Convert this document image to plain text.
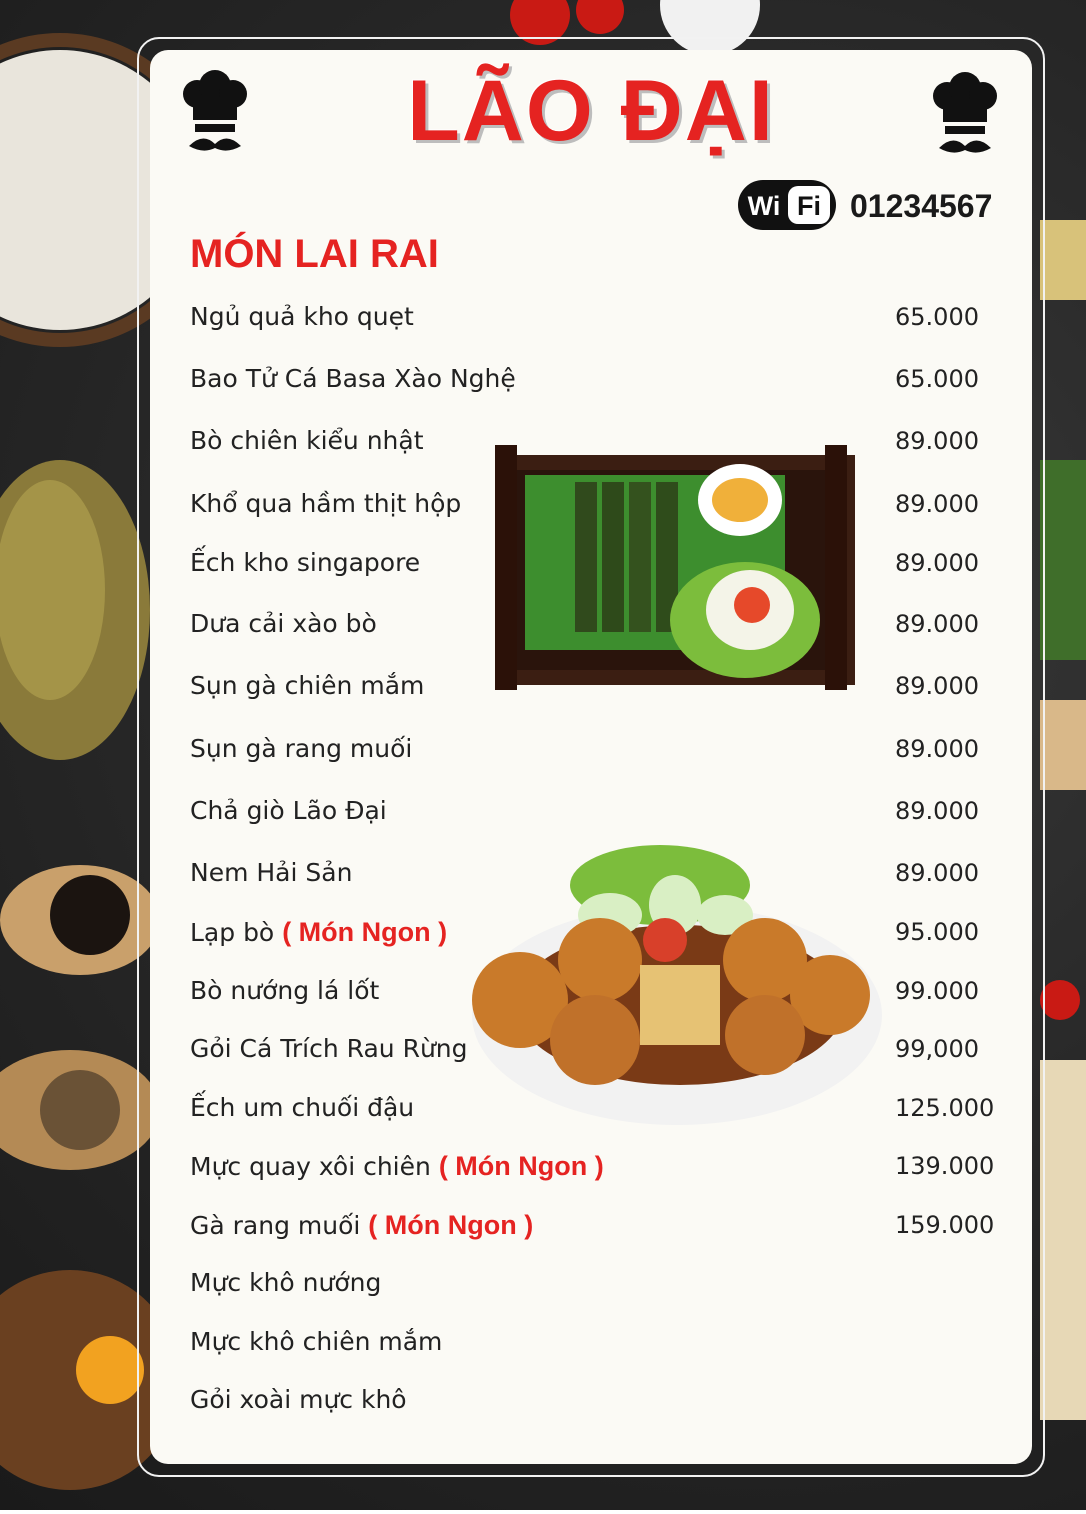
LÃO ĐẠI
Wi Fi 01234567
MÓN LAI RAI
Ngủ quả kho quẹt	65.000
Bao Tử Cá Basa Xào Nghệ	65.000
Bò chiên kiểu nhật	89.000
Khổ qua hầm thịt hộp	89.000
Ếch kho singapore	89.000
Dưa cải xào bò	89.000
Sụn gà chiên mắm	89.000
Sụn gà rang muối	89.000
Chả giò Lão Đại	89.000
Nem Hải Sản	89.000
Lạp bò ( Món Ngon )	95.000
Bò nướng lá lốt	99.000
Gỏi Cá Trích Rau Rừng	99,000
Ếch um chuối đậu	125.000
Mực quay xôi chiên ( Món Ngon )	139.000
Gà rang muối ( Món Ngon )	159.000
Mực khô nướng
Mực khô chiên mắm
Gỏi xoài mực khô
